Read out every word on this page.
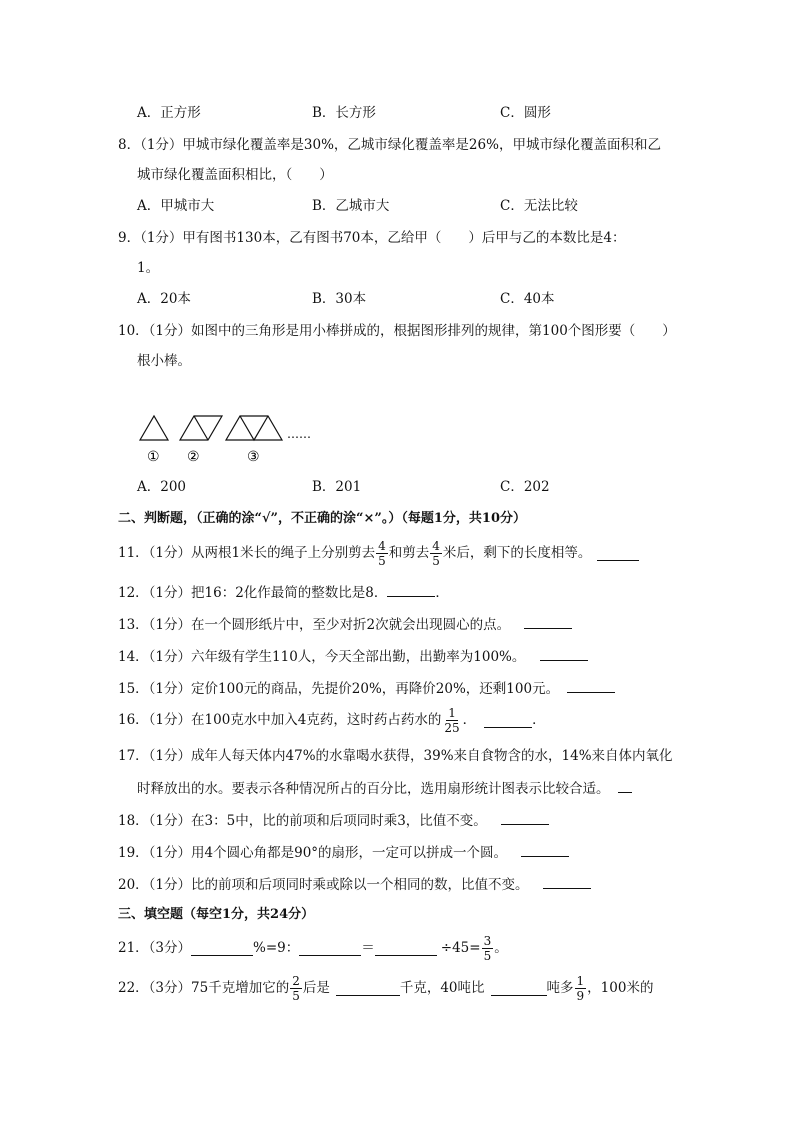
A．正方形	B．长方形	C．圆形
8．（1分）甲城市绿化覆盖率是30%，乙城市绿化覆盖率是26%，甲城市绿化覆盖面积和乙
城市绿化覆盖面积相比，（　　）
A．甲城市大	B．乙城市大	C．无法比较
9．（1分）甲有图书130本，乙有图书70本，乙给甲（　　）后甲与乙的本数比是4：
1。
A．20本	B．30本	C．40本
10．（1分）如图中的三角形是用小棒拼成的，根据图形排列的规律，第100个图形要（　　）
根小棒。
……
① ②	③
A．200	B．201	C．202
二、判断题，（正确的涂“√”，不正确的涂“×”。）（每题1分，共10分）
11．（1分）从两根1米长的绳子上分别剪去 $\frac{4}{5}$ 和剪去 $\frac{4}{5}$ 米后，剩下的长度相等。
12．（1分）把16：2化作最简的整数比是8．	．
13．（1分）在一个圆形纸片中，至少对折2次就会出现圆心的点。
14．（1分）六年级有学生110人，今天全部出勤，出勤率为100%。
15．（1分）定价100元的商品，先提价20%，再降价20%，还剩100元。
16．（1分）在100克水中加入4克药，这时药占药水的 $\frac{1}{25}$ ．	．
17．（1分）成年人每天体内47%的水靠喝水获得，39%来自食物含的水，14%来自体内氧化
时释放出的水。要表示各种情况所占的百分比，选用扇形统计图表示比较合适。
18．（1分）在3：5中，比的前项和后项同时乘3，比值不变。
19．（1分）用4个圆心角都是90°的扇形，一定可以拼成一个圆。
20．（1分）比的前项和后项同时乘或除以一个相同的数，比值不变。
三、填空题（每空1分，共24分）
21．（3分）	%=9：	＝	$\div 45= \frac{3}{5}$ 。
22．（3分）75千克增加它的 $\frac{2}{5}$ 后是	千克，40吨比	吨多 $\frac{1}{9}$ ，100米的
